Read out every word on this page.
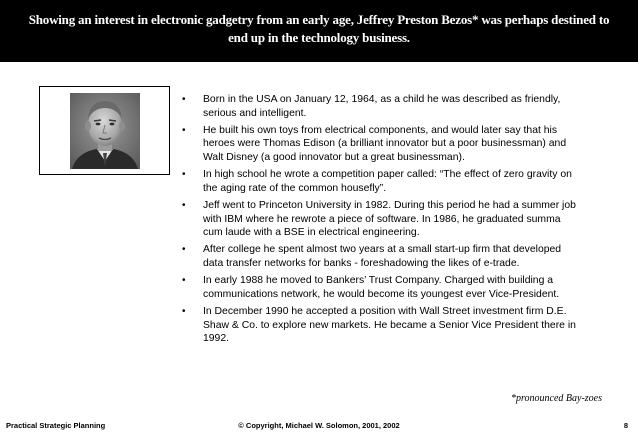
Showing an interest in electronic gadgetry from an early age, Jeffrey Preston Bezos* was perhaps destined to end up in the technology business.
• Born in the USA on January 12, 1964, as a child he was described as friendly, serious and intelligent.
• He built his own toys from electrical components, and would later say that his heroes were Thomas Edison (a brilliant innovator but a poor businessman) and Walt Disney (a good innovator but a great businessman).
• In high school he wrote a competition paper called: “The effect of zero gravity on the aging rate of the common housefly”.
• Jeff went to Princeton University in 1982. During this period he had a summer job with IBM where he rewrote a piece of software. In 1986, he graduated summa cum laude with a BSE in electrical engineering.
• After college he spent almost two years at a small start-up firm that developed data transfer networks for banks - foreshadowing the likes of e-trade.
• In early 1988 he moved to Bankers’ Trust Company. Charged with building a communications network, he would become its youngest ever Vice-President.
• In December 1990 he accepted a position with Wall Street investment firm D.E. Shaw & Co. to explore new markets. He became a Senior Vice President there in 1992.
*pronounced Bay-zoes
Practical Strategic Planning	© Copyright, Michael W. Solomon, 2001, 2002	8
